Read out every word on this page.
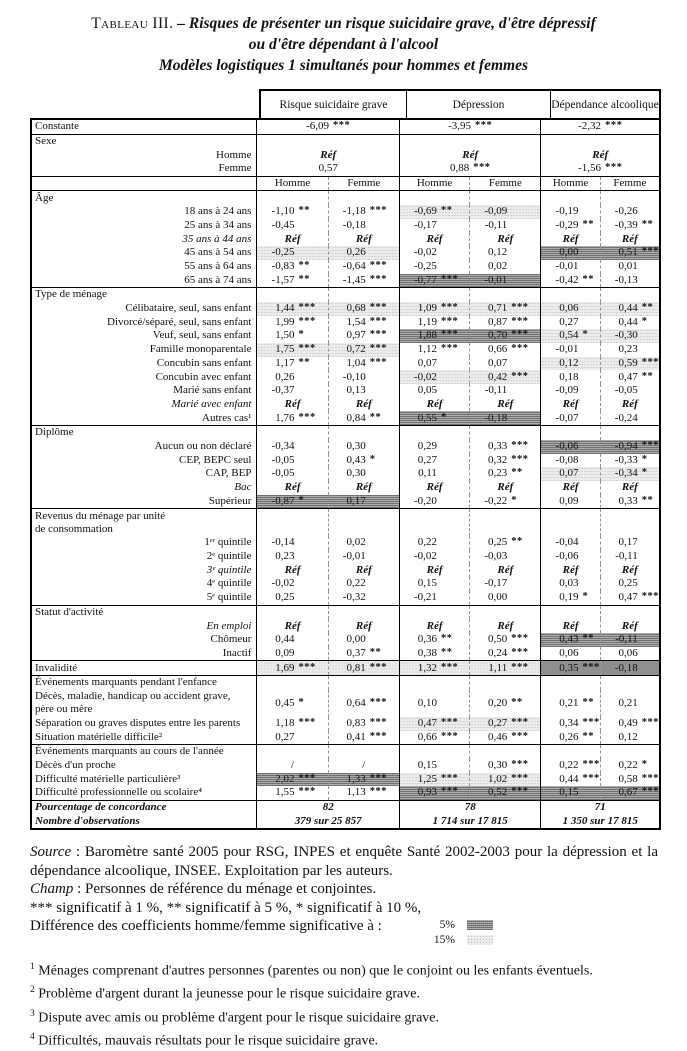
Tableau III. – Risques de présenter un risque suicidaire grave, d'être dépressif
ou d'être dépendant à l'alcool
Modèles logistiques 1 simultanés pour hommes et femmes
Risque suicidaire grave	Dépression	Dépendance alcoolique
Constante	-6,09 ***		-3,95 ***		-2,32 ***	
Sexe						
Homme	Réf		Réf		Réf	
Femme	0,57		0,88 ***		-1,56 ***	
	Homme	Femme	Homme	Femme	Homme	Femme
Âge						
18 ans à 24 ans	-1,10 **	-1,18 ***	-0,69 **	-0,09	-0,19	-0,26
25 ans à 34 ans	-0,45	-0,18	-0,17	-0,11	-0,29 **	-0,39 **
35 ans à 44 ans	Réf	Réf	Réf	Réf	Réf	Réf
45 ans à 54 ans	-0,25	0,26	-0,02	0,12	0,00	0,51 ***
55 ans à 64 ans	-0,83 **	-0,64 ***	-0,25	0,02	-0,01	0,01
65 ans à 74 ans	-1,57 **	-1,45 ***	-0,77 ***	-0,01	-0,42 **	-0,13
Type de ménage						
Célibataire, seul, sans enfant	1,44 ***	0,68 ***	1,09 ***	0,71 ***	0,06	0,44 **
Divorcé/séparé, seul, sans enfant	1,99 ***	1,54 ***	1,19 ***	0,87 ***	0,27	0,44 *
Veuf, seul, sans enfant	1,50 *	0,97 ***	1,88 ***	0,70 ***	0,54 *	-0,30
Famille monoparentale	1,75 ***	0,72 ***	1,12 ***	0,66 ***	-0,01	0,23
Concubin sans enfant	1,17 **	1,04 ***	0,07	0,07	0,12	0,59 ***
Concubin avec enfant	0,26	-0,10	-0,02	0,42 ***	0,18	0,47 **
Marié sans enfant	-0,37	0,13	0,05	-0,11	-0,09	-0,05
Marié avec enfant	Réf	Réf	Réf	Réf	Réf	Réf
Autres cas¹	1,76 ***	0,84 **	0,55 *	-0,18	-0,07	-0,24
Diplôme						
Aucun ou non déclaré	-0,34	0,30	0,29	0,33 ***	-0,06	-0,94 ***
CEP, BEPC seul	-0,05	0,43 *	0,27	0,32 ***	-0,08	-0,33 *
CAP, BEP	-0,05	0,30	0,11	0,23 **	0,07	-0,34 *
Bac	Réf	Réf	Réf	Réf	Réf	Réf
Supérieur	-0,87 *	0,17	-0,20	-0,22 *	0,09	0,33 **

Revenus du ménage par unité
de consommation						

1ᵉʳ quintile	-0,14	0,02	0,22	0,25 **	-0,04	0,17
2ᵉ quintile	0,23	-0,01	-0,02	-0,03	-0,06	-0,11
3ᵉ quintile	Réf	Réf	Réf	Réf	Réf	Réf
4ᵉ quintile	-0,02	0,22	0,15	-0,17	0,03	0,25
5ᵉ quintile	0,25	-0,32	-0,21	0,00	0,19 *	0,47 ***
Statut d'activité						
En emploi	Réf	Réf	Réf	Réf	Réf	Réf
Chômeur	0,44	0,00	0,36 **	0,50 ***	0,43 **	-0,11
Inactif	0,09	0,37 **	0,38 **	0,24 ***	0,06	0,06
Invalidité	1,69 ***	0,81 ***	1,32 ***	1,11 ***	0,35 ***	-0,18
Événements marquants pendant l'enfance						

Décès, maladie, handicap ou accident grave,
père ou mère	0,45 *	0,64 ***	0,10	0,20 **	0,21 **	0,21
Séparation ou graves disputes entre les parents	1,18 ***	0,83 ***	0,47 ***	0,27 ***	0,34 ***	0,49 ***
Situation matérielle difficile²	0,27	0,41 ***	0,66 ***	0,46 ***	0,26 **	0,12
Événements marquants au cours de l'année						
Décès d'un proche	/	/	0,15	0,30 ***	0,22 ***	0,22 *
Difficulté matérielle particulière³	2,02 ***	1,33 ***	1,25 ***	1,02 ***	0,44 ***	0,58 ***
Difficulté professionnelle ou scolaire⁴	1,55 ***	1,13 ***	0,93 ***	0,52 ***	0,15	0,67 ***
Pourcentage de concordance	82		78		71	
Nombre d'observations	379 sur 25 857		1 714 sur 17 815		1 350 sur 17 815	
Source : Baromètre santé 2005 pour RSG, INPES et enquête Santé 2002-2003 pour la dépression et la dépendance alcoolique, INSEE. Exploitation par les auteurs.
Champ : Personnes de référence du ménage et conjointes.
*** significatif à 1 %, ** significatif à 5 %, * significatif à 10 %,
Différence des coefficients homme/femme significative à :	5%
15%
$^1$ Ménages comprenant d'autres personnes (parentes ou non) que le conjoint ou les enfants éventuels.
$^2$ Problème d'argent durant la jeunesse pour le risque suicidaire grave.
$^3$ Dispute avec amis ou problème d'argent pour le risque suicidaire grave.
$^4$ Difficultés, mauvais résultats pour le risque suicidaire grave.
